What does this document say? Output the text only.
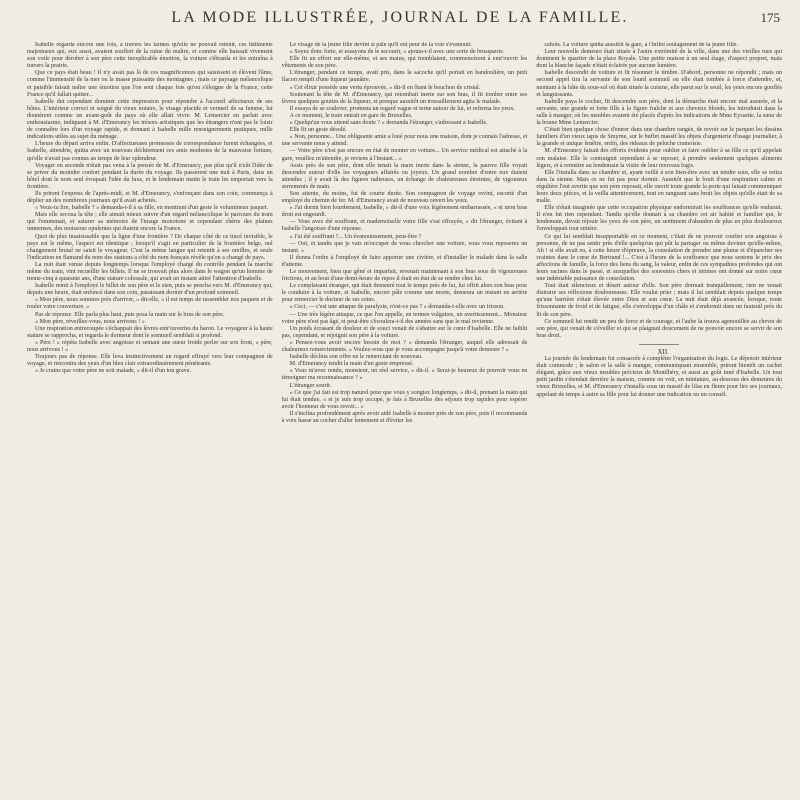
LA MODE ILLUSTRÉE, JOURNAL DE LA FAMILLE.	175

Isabelle regarda encore une fois, à travers les larmes qu'elle ne pouvait retenir, ces bâtiments majestueux qui, eux aussi, avaient souffert de la ruine du maître, et comme elle baissait vivement son voile pour dérober à son père cette inexplicable émotion, la voiture s'ébranla et les entraîna à travers la prairie.

Que ce pays était beau ! Il n'y avait pas là de ces magnificences qui saisissent et élèvent l'âme, comme l'immensité de la mer ou la masse puissante des montagnes ; mais ce paysage mélancolique et paisible faisait naître une émotion que l'on sent chaque fois qu'on s'éloigne de la France, cette France qu'il fallait quitter...

Isabelle dut cependant dominer cette impression pour répondre à l'accueil affectueux de ses hôtes. L'intérieur correct et soigné du vieux notaire, le visage placide et vermeil de sa femme, lui donnèrent comme un avant-goût du pays où elle allait vivre. M. Lemercier en parlait avec enthousiasme, indiquant à M. d'Emerancy les trésors artistiques que les étrangers n'ont pas le loisir de connaître lors d'un voyage rapide, et donnant à Isabelle mille renseignements pratiques, mille indications utiles au sujet du ménage.

L'heure du départ arriva enfin. D'affectueuses promesses de correspondance furent échangées, et Isabelle, attendrie, quitta avec un nouveau déchirement ces amis modestes de la mauvaise fortune, qu'elle n'avait pas connus au temps de leur splendeur.

Voyager en seconde n'était pas venu à la pensée de M. d'Emerancy, pas plus qu'il n'eût l'idée de se priver du moindre confort pendant la durée du voyage. Ils passèrent une nuit à Paris, dans un hôtel dont le nom seul évoquait l'idée du luxe, et le lendemain matin le train les emportait vers la frontière.

Ils prirent l'express de l'après-midi, et M. d'Emerancy, s'enfonçant dans son coin, commença à déplier un des nombreux journaux qu'il avait achetés.

« Veux-tu lire, Isabelle ? » demanda-t-il à sa fille, en montrant d'un geste le volumineux paquet.

Mais elle secoua la tête ; elle aimait mieux suivre d'un regard mélancolique le parcours du train qui l'emmenait, et saturer sa mémoire de l'image monotone et cependant chérie des plaines immenses, des moissons opulentes qui étaient encore la France.

Quoi de plus insaisissable que la ligne d'une frontière ? De chaque côté de ce tracé invisible, le pays est le même, l'aspect est identique ; lorsqu'il s'agit en particulier de la frontière belge, nul changement brutal ne saisit le voyageur. C'est la même langue qui retentit à ses oreilles, et seule l'indication en flamand du nom des stations a côté du nom français révèle qu'on a changé de pays.

La nuit était venue depuis longtemps lorsque l'employé chargé du contrôle pendant la marche même du train, vint recueillir les billets. Il ne se trouvait plus alors dans le wagon qu'un homme de trente-cinq à quarante ans, d'une stature colossale, qui avait un instant attiré l'attention d'Isabelle.

Isabelle remit à l'employé le billet de son père et le sien, puis se pencha vers M. d'Emerancy qui, depuis une heure, était enfoncé dans son coin, paraissant dormir d'un profond sommeil.

« Mon père, nous sommes près d'arriver, » dit-elle, « il est temps de rassembler nos paquets et de rouler votre couverture. »

Pas de réponse. Elle parla plus haut, puis posa la main sur le bras de son père.

« Mon père, réveillez-vous, nous arrivons ! »

Une respiration entrecoupée s'échappait des lèvres entr'ouvertes du baron. Le voyageur à la haute stature se rapprocha, et regarda le dormeur dont le sommeil semblait si profond.

« Père ! » répéta Isabelle avec angoisse et sentant une sueur froide perler sur son front, « père, nous arrivons ! »

Toujours pas de réponse. Elle leva instinctivement un regard effrayé vers leur compagnon de voyage, et rencontra des yeux d'un bleu clair extraordinairement pénétrants.

« Je crains que votre père ne soit malade, » dit-il d'un ton grave.

Le visage de la jeune fille devint si pâle qu'il eut peur de la voir s'évanouir.

« Soyez donc forte, et essayons de le secourir, » ajouta-t-il avec une sorte de brusquerie.

Elle fit un effort sur elle-même, et ses mains, qui tremblaient, commencèrent à entr'ouvrir les vêtements de son père.

L'étranger, pendant ce temps, avait pris, dans la sacoche qu'il portait en bandoulière, un petit flacon rempli d'une liqueur jaunâtre.

« Cet élixir possède une vertu éprouvée, » dit-il en ôtant le bouchon de cristal.

Soutenant la tête de M. d'Emerancy, qui retombait inerte sur son bras, il fit tomber entre ses lèvres quelques gouttes de la liqueur, et presque aussitôt un tressaillement agita le malade.

Il essaya de se soulever, promena un regard vague et terne autour de lui, et referma les yeux.

A ce moment, le train entrait en gare de Bruxelles.

« Quelqu'un vous attend sans doute ? » demanda l'étranger, s'adressant à Isabelle.

Elle fit un geste désolé.

« Non, personne... Une obligeante amie a loué pour nous une maison, dont je connais l'adresse, et une servante nous y attend.

— Votre père n'est pas encore en état de monter en voiture... Un service médical est attaché à la gare, veuillez m'attendre, je reviens à l'instant... »

Assis près de son père, dont elle tenait la main inerte dans la sienne, la pauvre fille voyait descendre autour d'elle les voyageurs affairés ou joyeux. Un grand nombre d'entre eux étaient attendus ; il y avait là des figures radieuses, un échange de chaleureuses étreintes, de vigoureux serrements de main.

Son attente, du moins, fut de courte durée. Son compagnon de voyage revint, escorté d'un employé du chemin de fer. M. d'Emerancy avait de nouveau ouvert les yeux.

« J'ai dormi bien lourdement, Isabelle, » dit-il d'une voix légèrement embarrassée, « et mon bras droit est engourdi.

— Vous avez été souffrant, et mademoiselle votre fille s'est effrayée, » dit l'étranger, évitant à Isabelle l'angoisse d'une réponse.

« J'ai été souffrant ?... Un évanouissement, peut-être ?

— Oui, et tandis que je vais m'occuper de vous chercher une voiture, vous vous reposerez un instant. »

Il donna l'ordre à l'employé de faire apporter une civière, et d'installer le malade dans la salle d'attente.

Le mouvement, bien que gêné et imparfait, revenait maintenant à son bras sous de vigoureuses frictions, et au bout d'une demi-heure de repos il était en état de se rendre chez lui.

Le complaisant étranger, qui était demeuré tout le temps près de lui, lui offrit alors son bras pour le conduire à la voiture, et Isabelle, encore pâle comme une morte, demeura un instant en arrière pour remercier le docteur de ses soins.

« Ceci, — c'est une attaque de paralysie, n'est-ce pas ? » demanda-t-elle avec un frisson.

— Une très légère attaque, ce que l'on appelle, en termes vulgaires, un avertissement... Monsieur votre père n'est pas âgé, et peut-être s'écoulera-t-il des années sans que le mal revienne.

Un poids écrasant de douleur et de souci venait de s'abattre sur le cœur d'Isabelle. Elle ne faiblit pas, cependant, et rejoignit son père à la voiture.

« Pensez-vous avoir encore besoin de moi ? » demanda l'étranger, auquel elle adressait de chaleureux remerciements. « Voulez-vous que je vous accompagne jusqu'à votre demeure ? »

Isabelle déclina son offre en le remerciant de nouveau.

M. d'Emerancy tendit la main d'un geste empressé.

« Vous m'avez rendu, monsieur, un réel service, » dit-il. « Serai-je heureux de pouvoir vous en témoigner ma reconnaissance ? »

L'étranger sourit.

« Ce que j'ai fait est trop naturel pour que vous y songiez longtemps, » dit-il, prenant la main qui lui était tendue, « et je suis trop occupé, je fais à Bruxelles des séjours trop rapides pour espérer avoir l'honneur de vous revoir... »

Il s'inclina profondément après avoir aidé Isabelle à monter près de son père, puis il recommanda à voix basse au cocher d'aller lentement et d'éviter les

cahots. La voiture quitta aussitôt la gare, à l'infini soulagement de la jeune fille.

Leur nouvelle demeure était située à l'autre extrémité de la ville, dans une des vieilles rues qui dominent le quartier de la place Royale. Une petite maison à un seul étage, d'aspect propret, mais dont la blanche façade n'était éclairée par aucune lumière.

Isabelle descendit de voiture et fit résonner le timbre. D'abord, personne ne répondit ; mais un second appel tira la servante de son lourd sommeil ou elle était tombée à force d'attendre, et, montant à la hâte du sous-sol où était située la cuisine, elle parut sur le seuil, les yeux encore gonflés et languissants.

Isabelle paya le cocher, fit descendre son père, dont la démarche était encore mal assurée, et la servante, une grande et forte fille à la figure fraîche et aux cheveux blonds, les introduisit dans la salle à manger, où les meubles avaient été placés d'après les indications de Mme Eyssette, la sœur de la bonne Mme Lemercier.

C'était bien quelque chose d'entrer dans une chambre rangée, de revoir sur le parquet les dessins familiers d'un vieux tapis de Smyrne, sur le buffet massif les objets d'argenterie d'usage journalier, à la grande et unique fenêtre, enfin, des rideaux de peluche cramoisie.

M. d'Emerancy faisait des efforts évidents pour oublier et faire oublier à sa fille ce qu'il appelait son malaise. Elle le contraignit cependant à se reposer, à prendre seulement quelques aliments légers, et à remettre au lendemain la visite de leur nouveau logis.

Elle l'installa dans sa chambre et, ayant veillé à son bien-être avec un tendre soin, elle se retira dans la sienne. Mais ce ne fut pas pour dormir. Aussitôt que le bruit d'une respiration calme et régulière l'eut avertie que son père reposait, elle ouvrit toute grande la porte qui faisait communiquer leurs deux pièces, et la veilla attentivement, tout en rangeant sans bruit les objets qu'elle était de sa malle.

Elle n'était imaginée que cette occupation physique endormirait les souffrances qu'elle endurait. Il n'en fut rien cependant. Tandis qu'elle donnait à sa chambre cet air habité et familier qui, le lendemain, devait réjouir les yeux de son père, un sentiment d'abandon de plus en plus douloureux l'enveloppait tout entière.

Ce qui lui semblait insupportable en ce moment, c'était de ne pouvoir confier son angoisse à personne, de ne pas sentir près d'elle quelqu'un qui pût la partager ou même deviner qu'elle-même, Ah ! si elle avait eu, à cette heure d'épreuve, la consolation de prendre une plume et d'épancher ses craintes dans le cœur de Bertrand !... C'est à l'heure de la souffrance que nous sentons le prix des affections de famille, la force des liens du sang, la valeur, enfin de ces sympathies profondes qui ont leurs racines dans le passé, et auxquelles des souvenirs chers et intimes ont donné sur notre cœur une indéniable puissance de consolation.

Tout était silencieux et désert autour d'elle. Son père dormait tranquillement, rien ne venait distraire ses réflexions douloureuses. Elle voulut prier ; mais il lui semblait depuis quelque temps qu'une barrière s'était élevée entre Dieu et son cœur. La nuit était déjà avancée, lorsque, toute frissonnante de froid et de fatigue, elle s'enveloppa d'un châle et s'endormit dans un fauteuil près du lit de son père.

Ce sommeil lui rendit un peu de force et de courage, et l'aube la trouva agenouillée au chevet de son père, qui venait de s'éveiller et qui se plaignait doucement de ne pouvoir encore se servir de son bras droit.

XII.

La journée du lendemain fut consacrée à compléter l'organisation du logis. Le dépotoir intérieur était commode ; le salon et la salle à manger, communiquant ensemble, prirent bientôt un cachet élégant, grâce aux vieux meubles précieux de Montlhéry, et aussi au goût inné d'Isabelle. Un tout petit jardin s'étendait derrière la maison, comme on voit, en miniature, au-dessous des demeures du vieux Bruxelles, et M. d'Emerancy s'installa sous un massif de lilas en fleurs pour lire ses journaux, appelant de temps à autre sa fille pour lui donner une indication ou un conseil.
